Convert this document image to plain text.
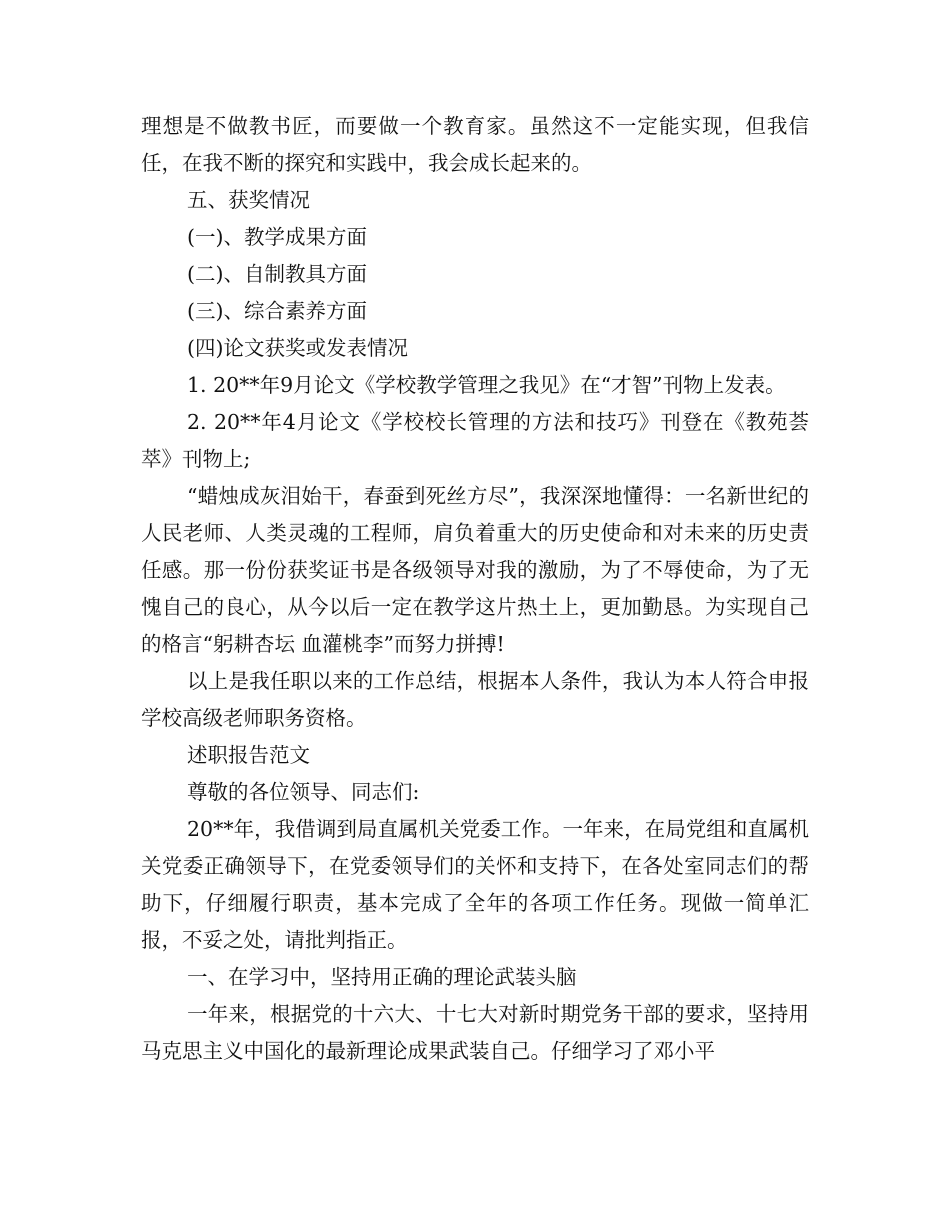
理想是不做教书匠，而要做一个教育家。虽然这不一定能实现，但我信任，在我不断的探究和实践中，我会成长起来的。

五、获奖情况

(一)、教学成果方面

(二)、自制教具方面

(三)、综合素养方面

(四)论文获奖或发表情况

1. 20**年9月论文《学校教学管理之我见》在“才智”刊物上发表。

2. 20**年4月论文《学校校长管理的方法和技巧》刊登在《教苑荟萃》刊物上;

“蜡烛成灰泪始干，春蚕到死丝方尽”，我深深地懂得：一名新世纪的人民老师、人类灵魂的工程师，肩负着重大的历史使命和对未来的历史责任感。那一份份获奖证书是各级领导对我的激励，为了不辱使命，为了无愧自己的良心，从今以后一定在教学这片热土上，更加勤恳。为实现自己的格言“躬耕杏坛 血灌桃李”而努力拼搏!

以上是我任职以来的工作总结，根据本人条件，我认为本人符合申报学校高级老师职务资格。

述职报告范文

尊敬的各位领导、同志们:

20**年，我借调到局直属机关党委工作。一年来，在局党组和直属机关党委正确领导下，在党委领导们的关怀和支持下，在各处室同志们的帮助下，仔细履行职责，基本完成了全年的各项工作任务。现做一简单汇报，不妥之处，请批判指正。

一、在学习中，坚持用正确的理论武装头脑

一年来，根据党的十六大、十七大对新时期党务干部的要求，坚持用马克思主义中国化的最新理论成果武装自己。仔细学习了邓小平
